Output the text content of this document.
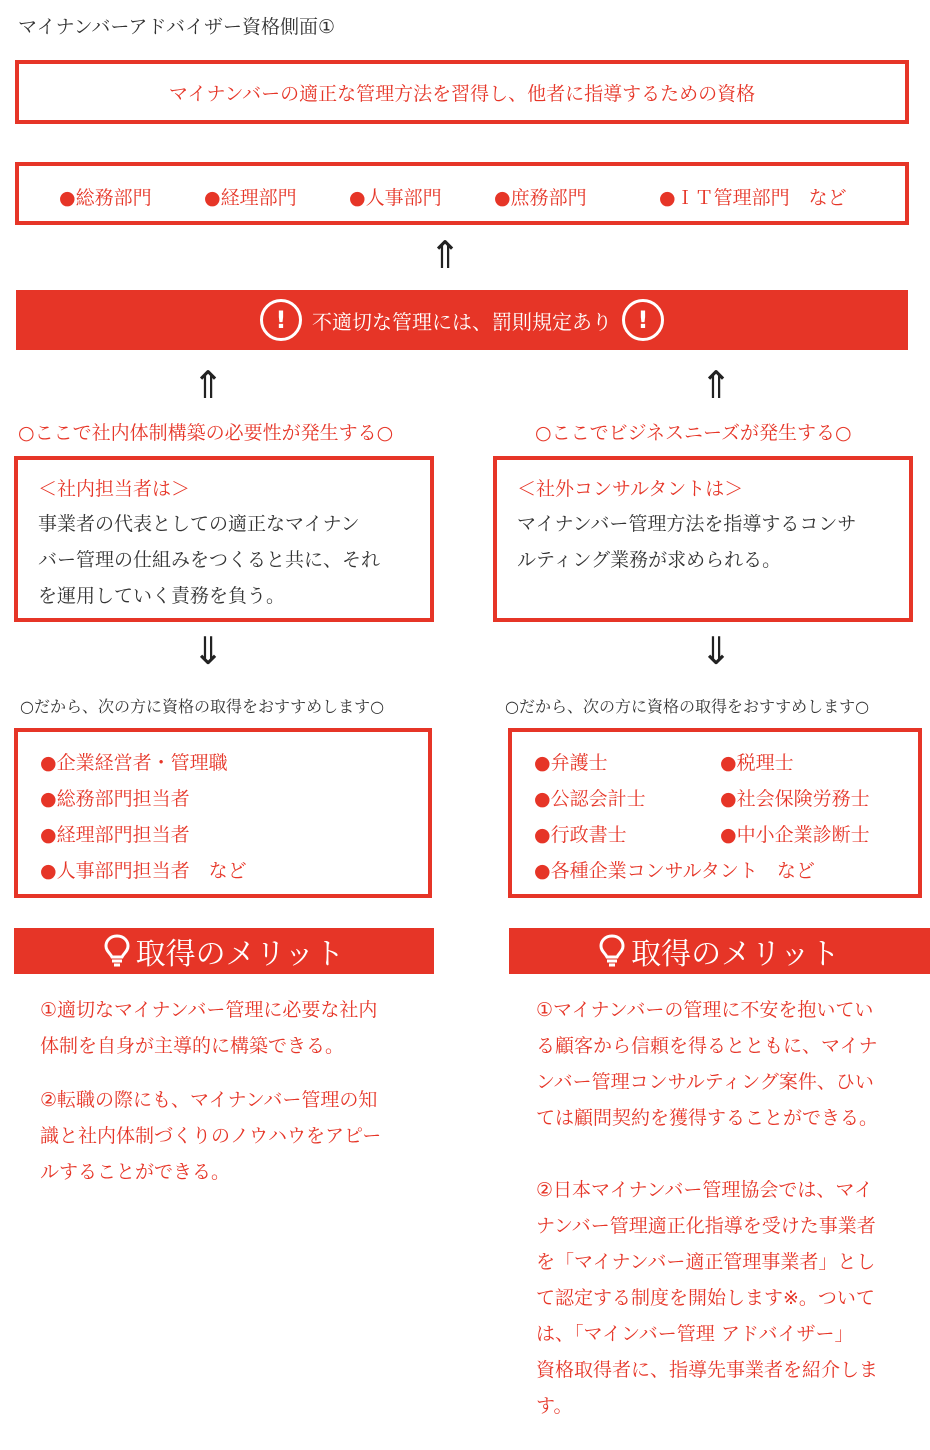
マイナンバーアドバイザー資格側面①
マイナンバーの適正な管理方法を習得し、他者に指導するための資格
●総務部門	●経理部門	●人事部門	●庶務部門	●ＩＴ管理部門　など
⇑
!	不適切な管理には、罰則規定あり	!
⇑	⇑
○ここで社内体制構築の必要性が発生する○	○ここでビジネスニーズが発生する○
＜社内担当者は＞
事業者の代表としての適正なマイナン
バー管理の仕組みをつくると共に、それ
を運用していく責務を負う。
＜社外コンサルタントは＞
マイナンバー管理方法を指導するコンサ
ルティング業務が求められる。
⇓	⇓
○だから、次の方に資格の取得をおすすめします○	○だから、次の方に資格の取得をおすすめします○
●企業経営者・管理職
●総務部門担当者
●経理部門担当者
●人事部門担当者　など
●弁護士	●税理士
●公認会計士	●社会保険労務士
●行政書士	●中小企業診断士
●各種企業コンサルタント　など
取得のメリット	取得のメリット
①適切なマイナンバー管理に必要な社内
体制を自身が主導的に構築できる。
②転職の際にも、マイナンバー管理の知
識と社内体制づくりのノウハウをアピー
ルすることができる。
①マイナンバーの管理に不安を抱いてい
る顧客から信頼を得るとともに、マイナ
ンバー管理コンサルティング案件、ひい
ては顧問契約を獲得することができる。
②日本マイナンバー管理協会では、マイ
ナンバー管理適正化指導を受けた事業者
を「マイナンバー適正管理事業者」とし
て認定する制度を開始します※。ついて
は、「マインバー管理 アドバイザー」
資格取得者に、指導先事業者を紹介しま
す。
